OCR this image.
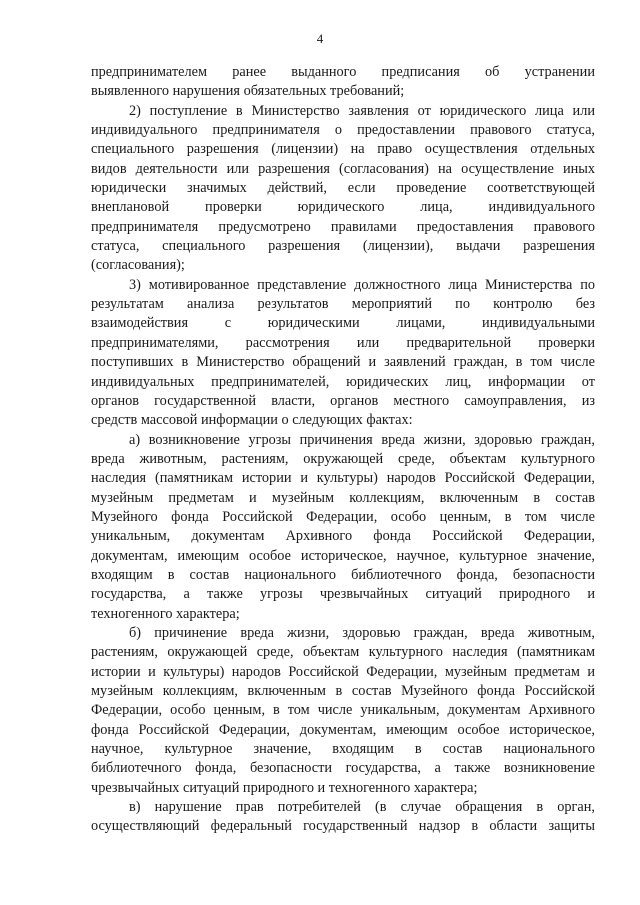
4
предпринимателем ранее выданного предписания об устранении
выявленного нарушения обязательных требований;
2) поступление в Министерство заявления от юридического лица или
индивидуального предпринимателя о предоставлении правового статуса,
специального разрешения (лицензии) на право осуществления отдельных
видов деятельности или разрешения (согласования) на осуществление иных
юридически значимых действий, если проведение соответствующей
внеплановой проверки юридического лица, индивидуального
предпринимателя предусмотрено правилами предоставления правового
статуса, специального разрешения (лицензии), выдачи разрешения
(согласования);
3) мотивированное представление должностного лица Министерства по
результатам анализа результатов мероприятий по контролю без
взаимодействия с юридическими лицами, индивидуальными
предпринимателями, рассмотрения или предварительной проверки
поступивших в Министерство обращений и заявлений граждан, в том числе
индивидуальных предпринимателей, юридических лиц, информации от
органов государственной власти, органов местного самоуправления, из
средств массовой информации о следующих фактах:
а) возникновение угрозы причинения вреда жизни, здоровью граждан,
вреда животным, растениям, окружающей среде, объектам культурного
наследия (памятникам истории и культуры) народов Российской Федерации,
музейным предметам и музейным коллекциям, включенным в состав
Музейного фонда Российской Федерации, особо ценным, в том числе
уникальным, документам Архивного фонда Российской Федерации,
документам, имеющим особое историческое, научное, культурное значение,
входящим в состав национального библиотечного фонда, безопасности
государства, а также угрозы чрезвычайных ситуаций природного и
техногенного характера;
б) причинение вреда жизни, здоровью граждан, вреда животным,
растениям, окружающей среде, объектам культурного наследия (памятникам
истории и культуры) народов Российской Федерации, музейным предметам и
музейным коллекциям, включенным в состав Музейного фонда Российской
Федерации, особо ценным, в том числе уникальным, документам Архивного
фонда Российской Федерации, документам, имеющим особое историческое,
научное, культурное значение, входящим в состав национального
библиотечного фонда, безопасности государства, а также возникновение
чрезвычайных ситуаций природного и техногенного характера;
в) нарушение прав потребителей (в случае обращения в орган,
осуществляющий федеральный государственный надзор в области защиты
